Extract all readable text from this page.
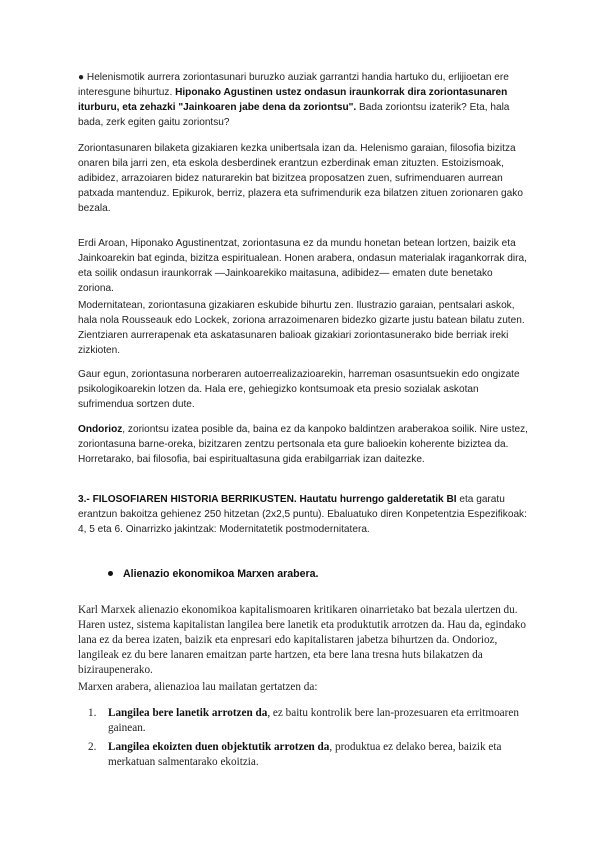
● Helenismotik aurrera zoriontasunari buruzko auziak garrantzi handia hartuko du, erlijioetan ere interesgune bihurtuz. Hiponako Agustinen ustez ondasun iraunkorrak dira zoriontasunaren iturburu, eta zehazki "Jainkoaren jabe dena da zoriontsu". Bada zoriontsu izaterik? Eta, hala bada, zerk egiten gaitu zoriontsu?

Zoriontasunaren bilaketa gizakiaren kezka unibertsala izan da. Helenismo garaian, filosofia bizitza onaren bila jarri zen, eta eskola desberdinek erantzun ezberdinak eman zituzten. Estoizismoak, adibidez, arrazoiaren bidez naturarekin bat bizitzea proposatzen zuen, sufrimenduaren aurrean patxada mantenduz. Epikurok, berriz, plazera eta sufrimendurik eza bilatzen zituen zorionaren gako bezala.

Erdi Aroan, Hiponako Agustinentzat, zoriontasuna ez da mundu honetan betean lortzen, baizik eta Jainkoarekin bat eginda, bizitza espiritualean. Honen arabera, ondasun materialak iragankorrak dira, eta soilik ondasun iraunkorrak —Jainkoarekiko maitasuna, adibidez— ematen dute benetako zoriona.

Modernitatean, zoriontasuna gizakiaren eskubide bihurtu zen. Ilustrazio garaian, pentsalari askok, hala nola Rousseauk edo Lockek, zoriona arrazoimenaren bidezko gizarte justu batean bilatu zuten. Zientziaren aurrerapenak eta askatasunaren balioak gizakiari zoriontasunerako bide berriak ireki zizkioten.

Gaur egun, zoriontasuna norberaren autoerrealizazioarekin, harreman osasuntsuekin edo ongizate psikologikoarekin lotzen da. Hala ere, gehiegizko kontsumoak eta presio sozialak askotan sufrimendua sortzen dute.

Ondorioz, zoriontsu izatea posible da, baina ez da kanpoko baldintzen araberakoa soilik. Nire ustez, zoriontasuna barne-oreka, bizitzaren zentzu pertsonala eta gure balioekin koherente biziztea da. Horretarako, bai filosofia, bai espiritualtasuna gida erabilgarriak izan daitezke.

3.- FILOSOFIAREN HISTORIA BERRIKUSTEN. Hautatu hurrengo galderetatik BI eta garatu erantzun bakoitza gehienez 250 hitzetan (2x2,5 puntu). Ebaluatuko diren Konpetentzia Espezifikoak: 4, 5 eta 6. Oinarrizko jakintzak: Modernitatetik postmodernitatera.

Alienazio ekonomikoa Marxen arabera.

Karl Marxek alienazio ekonomikoa kapitalismoaren kritikaren oinarrietako bat bezala ulertzen du. Haren ustez, sistema kapitalistan langilea bere lanetik eta produktutik arrotzen da. Hau da, egindako lana ez da berea izaten, baizik eta enpresari edo kapitalistaren jabetza bihurtzen da. Ondorioz, langileak ez du bere lanaren emaitzan parte hartzen, eta bere lana tresna huts bilakatzen da biziraupenerako.

Marxen arabera, alienazioa lau mailatan gertatzen da:

1. Langilea bere lanetik arrotzen da, ez baitu kontrolik bere lan-prozesuaren eta erritmoaren gainean.
2. Langilea ekoizten duen objektutik arrotzen da, produktua ez delako berea, baizik eta merkatuan salmentarako ekoitzia.
